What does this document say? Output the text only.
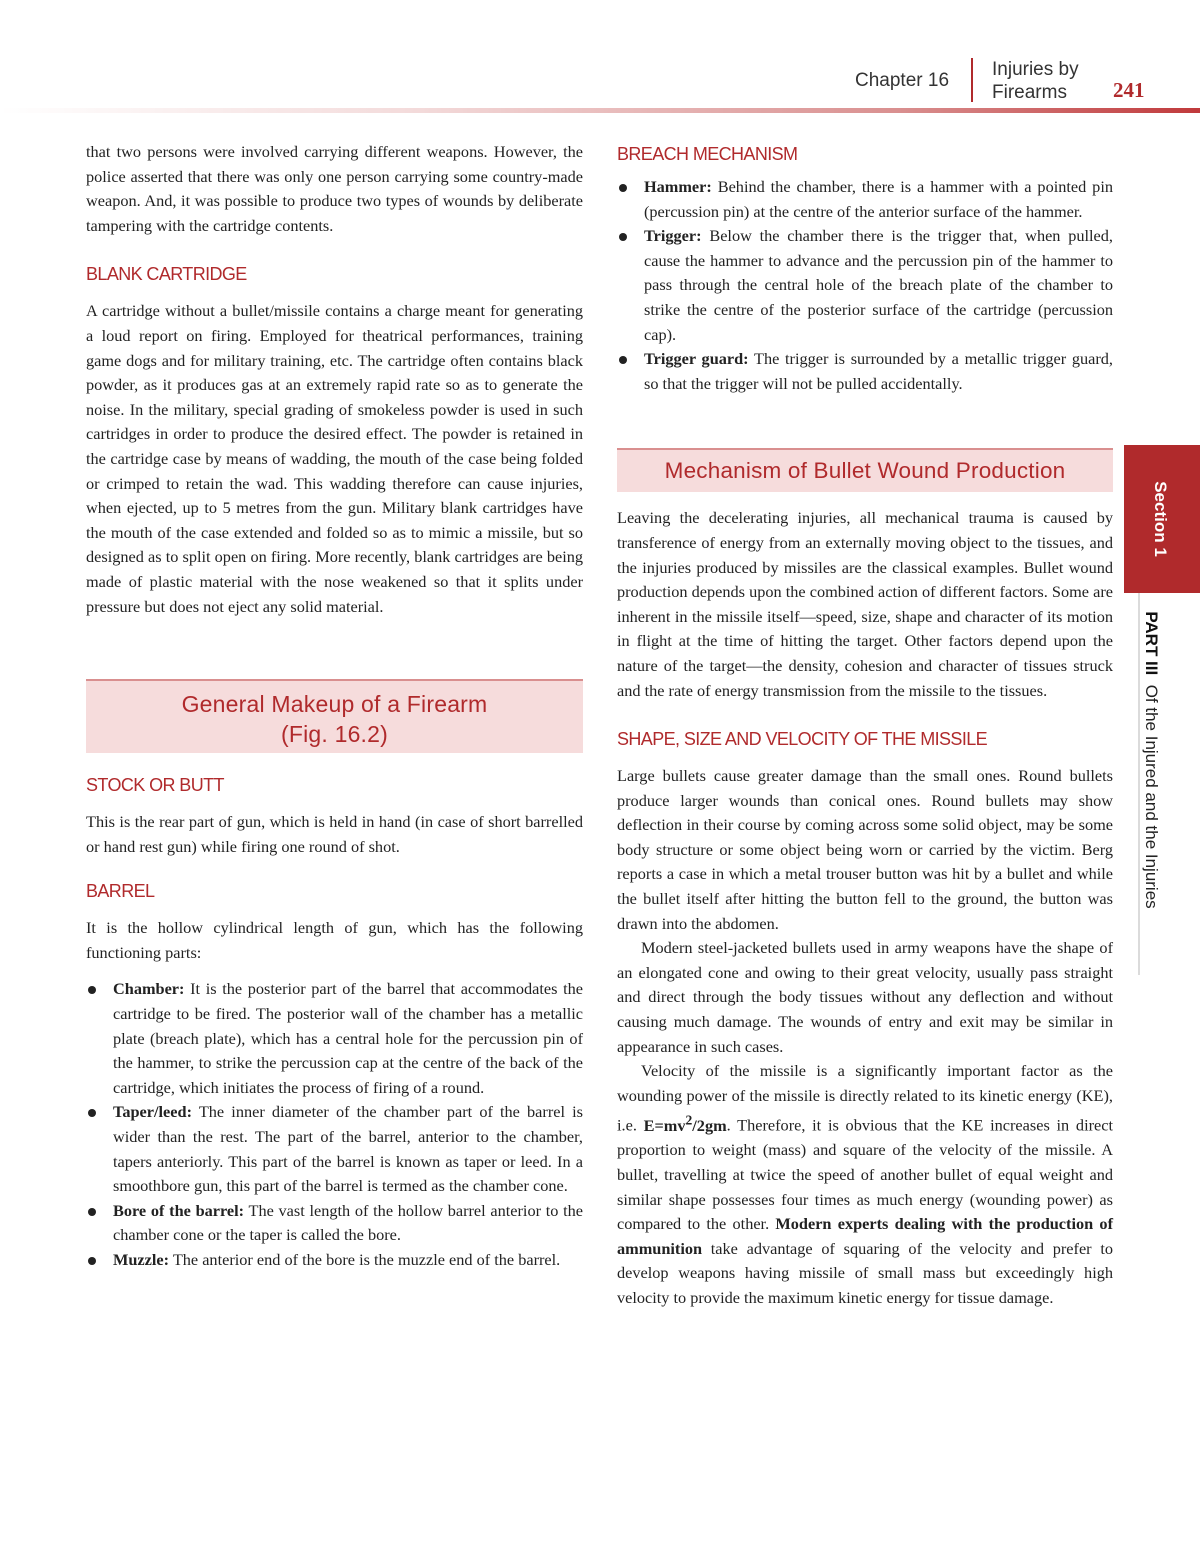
Chapter 16
Injuries by
Firearms	241

that two persons were involved carrying different weapons. However, the police asserted that there was only one person carrying some country-made weapon. And, it was possible to produce two types of wounds by deliberate tampering with the cartridge contents.

BLANK CARTRIDGE

A cartridge without a bullet/missile contains a charge meant for generating a loud report on firing. Employed for theatrical performances, training game dogs and for military training, etc. The cartridge often contains black powder, as it produces gas at an extremely rapid rate so as to generate the noise. In the military, special grading of smokeless powder is used in such cartridges in order to produce the desired effect. The powder is retained in the cartridge case by means of wadding, the mouth of the case being folded or crimped to retain the wad. This wadding therefore can cause injuries, when ejected, up to 5 metres from the gun. Military blank cartridges have the mouth of the case extended and folded so as to mimic a missile, but so designed as to split open on firing. More recently, blank cartridges are being made of plastic material with the nose weakened so that it splits under pressure but does not eject any solid material.

General Makeup of a Firearm
(Fig. 16.2)
STOCK OR BUTT

This is the rear part of gun, which is held in hand (in case of short barrelled or hand rest gun) while firing one round of shot.

BARREL

It is the hollow cylindrical length of gun, which has the following functioning parts:

Chamber: It is the posterior part of the barrel that accommodates the cartridge to be fired. The posterior wall of the chamber has a metallic plate (breach plate), which has a central hole for the percussion pin of the hammer, to strike the percussion cap at the centre of the back of the cartridge, which initiates the process of firing of a round.
Taper/leed: The inner diameter of the chamber part of the barrel is wider than the rest. The part of the barrel, anterior to the chamber, tapers anteriorly. This part of the barrel is known as taper or leed. In a smoothbore gun, this part of the barrel is termed as the chamber cone.
Bore of the barrel: The vast length of the hollow barrel anterior to the chamber cone or the taper is called the bore.
Muzzle: The anterior end of the bore is the muzzle end of the barrel.
BREACH MECHANISM
Hammer: Behind the chamber, there is a hammer with a pointed pin (percussion pin) at the centre of the anterior surface of the hammer.
Trigger: Below the chamber there is the trigger that, when pulled, cause the hammer to advance and the percussion pin of the hammer to pass through the central hole of the breach plate of the chamber to strike the centre of the posterior surface of the cartridge (percussion cap).
Trigger guard: The trigger is surrounded by a metallic trigger guard, so that the trigger will not be pulled accidentally.
Mechanism of Bullet Wound Production

Leaving the decelerating injuries, all mechanical trauma is caused by transference of energy from an externally moving object to the tissues, and the injuries produced by missiles are the classical examples. Bullet wound production depends upon the combined action of different factors. Some are inherent in the missile itself—speed, size, shape and character of its motion in flight at the time of hitting the target. Other factors depend upon the nature of the target—the density, cohesion and character of tissues struck and the rate of energy transmission from the missile to the tissues.

SHAPE, SIZE AND VELOCITY OF THE MISSILE

Large bullets cause greater damage than the small ones. Round bullets produce larger wounds than conical ones. Round bullets may show deflection in their course by coming across some solid object, may be some body structure or some object being worn or carried by the victim. Berg reports a case in which a metal trouser button was hit by a bullet and while the bullet itself after hitting the button fell to the ground, the button was drawn into the abdomen.

Modern steel-jacketed bullets used in army weapons have the shape of an elongated cone and owing to their great velocity, usually pass straight and direct through the body tissues without any deflection and without causing much damage. The wounds of entry and exit may be similar in appearance in such cases.

Velocity of the missile is a significantly important factor as the wounding power of the missile is directly related to its kinetic energy (KE), i.e. $E=mv^2/2gm$. Therefore, it is obvious that the KE increases in direct proportion to weight (mass) and square of the velocity of the missile. A bullet, travelling at twice the speed of another bullet of equal weight and similar shape possesses four times as much energy (wounding power) as compared to the other. Modern experts dealing with the production of ammunition take advantage of squaring of the velocity and prefer to develop weapons having missile of small mass but exceedingly high velocity to provide the maximum kinetic energy for tissue damage.

Section 1
PART III  Of the Injured and the Injuries
